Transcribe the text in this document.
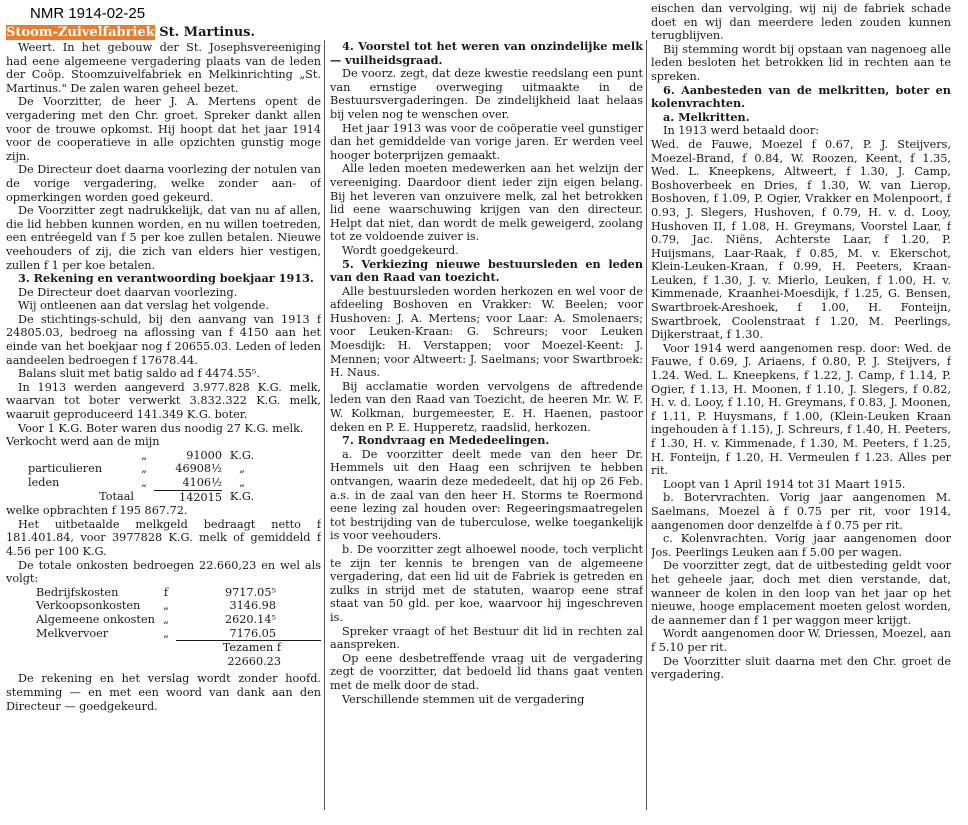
NMR 1914-02-25

Stoom-Zuivelfabriek St. Martinus.

Weert. In het gebouw der St. Josephsvereeniging had eene algemeene vergadering plaats van de leden der Coöp. Stoomzuivelfabriek en Melkinrichting „St. Martinus." De zalen waren geheel bezet.

De Voorzitter, de heer J. A. Mertens opent de vergadering met den Chr. groet. Spreker dankt allen voor de trouwe opkomst. Hij hoopt dat het jaar 1914 voor de cooperatieve in alle opzichten gunstig moge zijn.

De Directeur doet daarna voorlezing der notulen van de vorige vergadering, welke zonder aan- of opmerkingen worden goed gekeurd.

De Voorzitter zegt nadrukkelijk, dat van nu af allen, die lid hebben kunnen worden, en nu willen toetreden, een entréegeld van f 5 per koe zullen betalen. Nieuwe veehouders of zij, die zich van elders hier vestigen, zullen f 1 per koe betalen.

3. Rekening en verantwoording boekjaar 1913.

De Directeur doet daarvan voorlezing.

Wij ontleenen aan dat verslag het volgende.

De stichtings-schuld, bij den aanvang van 1913 f 24805.03, bedroeg na aflossing van f 4150 aan het einde van het boekjaar nog f 20655.03. Leden of leden aandeelen bedroegen f 17678.44.

Balans sluit met batig saldo ad f 4474.55⁵.

In 1913 werden aangeverd 3.977.828 K.G. melk, waarvan tot boter verwerkt 3.832.322 K.G. melk, waaruit geproduceerd 141.349 K.G. boter.

Voor 1 K.G. Boter waren dus noodig 27 K.G. melk.

Verkocht werd aan de mijn

„	91000 K.G.
particulieren	„	46908½	„
leden	„	4106½	„
Totaal	142015 K.G.

welke opbrachten f 195 867.72.

Het uitbetaalde melkgeld bedraagt netto f 181.401.84, voor 3977828 K.G. melk of gemiddeld f 4.56 per 100 K.G.

De totale onkosten bedroegen 22.660,23 en wel als volgt:

Bedrijfskosten	f	9717.05⁵
Verkoopsonkosten	„	3146.98
Algemeene onkosten „	2620.14⁵
Melkvervoer	„	7176.05

Tezamen f 22660.23

De rekening en het verslag wordt zonder hoofd. stemming — en met een woord van dank aan den Directeur — goedgekeurd.

4. Voorstel tot het weren van onzindelijke melk — vuilheidsgraad.

De voorz. zegt, dat deze kwestie reedslang een punt van ernstige overweging uitmaakte in de Bestuursvergaderingen. De zindelijkheid laat helaas bij velen nog te wenschen over.

Het jaar 1913 was voor de coöperatie veel gunstiger dan het gemiddelde van vorige jaren. Er werden veel hooger boterprijzen gemaakt.

Alle leden moeten medewerken aan het welzijn der vereeniging. Daardoor dient ieder zijn eigen belang. Bij het leveren van onzuivere melk, zal het betrokken lid eene waarschuwing krijgen van den directeur. Helpt dat niet, dan wordt de melk geweigerd, zoolang tot ze voldoende zuiver is.

Wordt goedgekeurd.

5. Verkiezing nieuwe bestuursleden en leden van den Raad van toezicht.

Alle bestuursleden worden herkozen en wel voor de afdeeling Boshoven en Vrakker: W. Beelen; voor Hushoven: J. A. Mertens; voor Laar: A. Smolenaers; voor Leuken-Kraan: G. Schreurs; voor Leuken Moesdijk: H. Verstappen; voor Moezel-Keent: J. Mennen; voor Altweert: J. Saelmans; voor Swartbroek: H. Naus.

Bij acclamatie worden vervolgens de aftredende leden van den Raad van Toezicht, de heeren Mr. W. F. W. Kolkman, burgemeester, E. H. Haenen, pastoor deken en P. E. Hupperetz, raadslid, herkozen.

7. Rondvraag en Mededeelingen.

a. De voorzitter deelt mede van den heer Dr. Hemmels uit den Haag een schrijven te hebben ontvangen, waarin deze mededeelt, dat hij op 26 Feb. a.s. in de zaal van den heer H. Storms te Roermond eene lezing zal houden over: Regeeringsmaatregelen tot bestrijding van de tuberculose, welke toegankelijk is voor veehouders.

b. De voorzitter zegt alhoewel noode, toch verplicht te zijn ter kennis te brengen van de algemeene vergadering, dat een lid uit de Fabriek is getreden en zulks in strijd met de statuten, waarop eene straf staat van 50 gld. per koe, waarvoor hij ingeschreven is.

Spreker vraagt of het Bestuur dit lid in rechten zal aanspreken.

Op eene desbetreffende vraag uit de vergadering zegt de voorzitter, dat bedoeld lid thans gaat venten met de melk door de stad.

Verschillende stemmen uit de vergadering

eischen dan vervolging, wij nij de fabriek schade doet en wij dan meerdere leden zouden kunnen terugblijven.

Bij stemming wordt bij opstaan van nagenoeg alle leden besloten het betrokken lid in rechten aan te spreken.

6. Aanbesteden van de melkritten, boter en kolenvrachten.

a. Melkritten.

In 1913 werd betaald door:

Wed. de Fauwe, Moezel f 0.67, P. J. Steijvers, Moezel-Brand, f 0.84, W. Roozen, Keent, f 1.35, Wed. L. Kneepkens, Altweert, f 1.30, J. Camp, Boshoverbeek en Dries, f 1.30, W. van Lierop, Boshoven, f 1.09, P. Ogier, Vrakker en Molenpoort, f 0.93, J. Slegers, Hushoven, f 0.79, H. v. d. Looy, Hushoven II, f 1.08, H. Greymans, Voorstel Laar, f 0.79, Jac. Niëns, Achterste Laar, f 1.20, P. Huijsmans, Laar-Raak, f 0.85, M. v. Ekerschot, Klein-Leuken-Kraan, f 0.99, H. Peeters, Kraan-Leuken, f 1.30, J. v. Mierlo, Leuken, f 1.00, H. v. Kimmenade, Kraanhei-Moesdijk, f 1.25, G. Bensen, Swartbroek-Areshoek, f 1.00, H. Fonteijn, Swartbroek, Coolenstraat f 1.20, M. Peerlings, Dijkerstraat, f 1.30.

Voor 1914 werd aangenomen resp. door: Wed. de Fauwe, f 0.69, J. Ariaens, f 0.80, P. J. Steijvers, f 1.24. Wed. L. Kneepkens, f 1.22, J. Camp, f 1.14, P. Ogier, f 1.13, H. Moonen, f 1.10, J. Slegers, f 0.82, H. v. d. Looy, f 1.10, H. Greymans, f 0.83, J. Moonen, f 1.11, P. Huysmans, f 1.00, (Klein-Leuken Kraan ingehouden à f 1.15), J. Schreurs, f 1.40, H. Peeters, f 1.30, H. v. Kimmenade, f 1.30, M. Peeters, f 1.25, H. Fonteijn, f 1.20, H. Vermeulen f 1.23. Alles per rit.

Loopt van 1 April 1914 tot 31 Maart 1915.

b. Botervrachten. Vorig jaar aangenomen M. Saelmans, Moezel à f 0.75 per rit, voor 1914, aangenomen door denzelfde à f 0.75 per rit.

c. Kolenvrachten. Vorig jaar aangenomen door Jos. Peerlings Leuken aan f 5.00 per wagen.

De voorzitter zegt, dat de uitbesteding geldt voor het geheele jaar, doch met dien verstande, dat, wanneer de kolen in den loop van het jaar op het nieuwe, hooge emplacement moeten gelost worden, de aannemer dan f 1 per waggon meer krijgt.

Wordt aangenomen door W. Driessen, Moezel, aan f 5.10 per rit.

De Voorzitter sluit daarna met den Chr. groet de vergadering.
